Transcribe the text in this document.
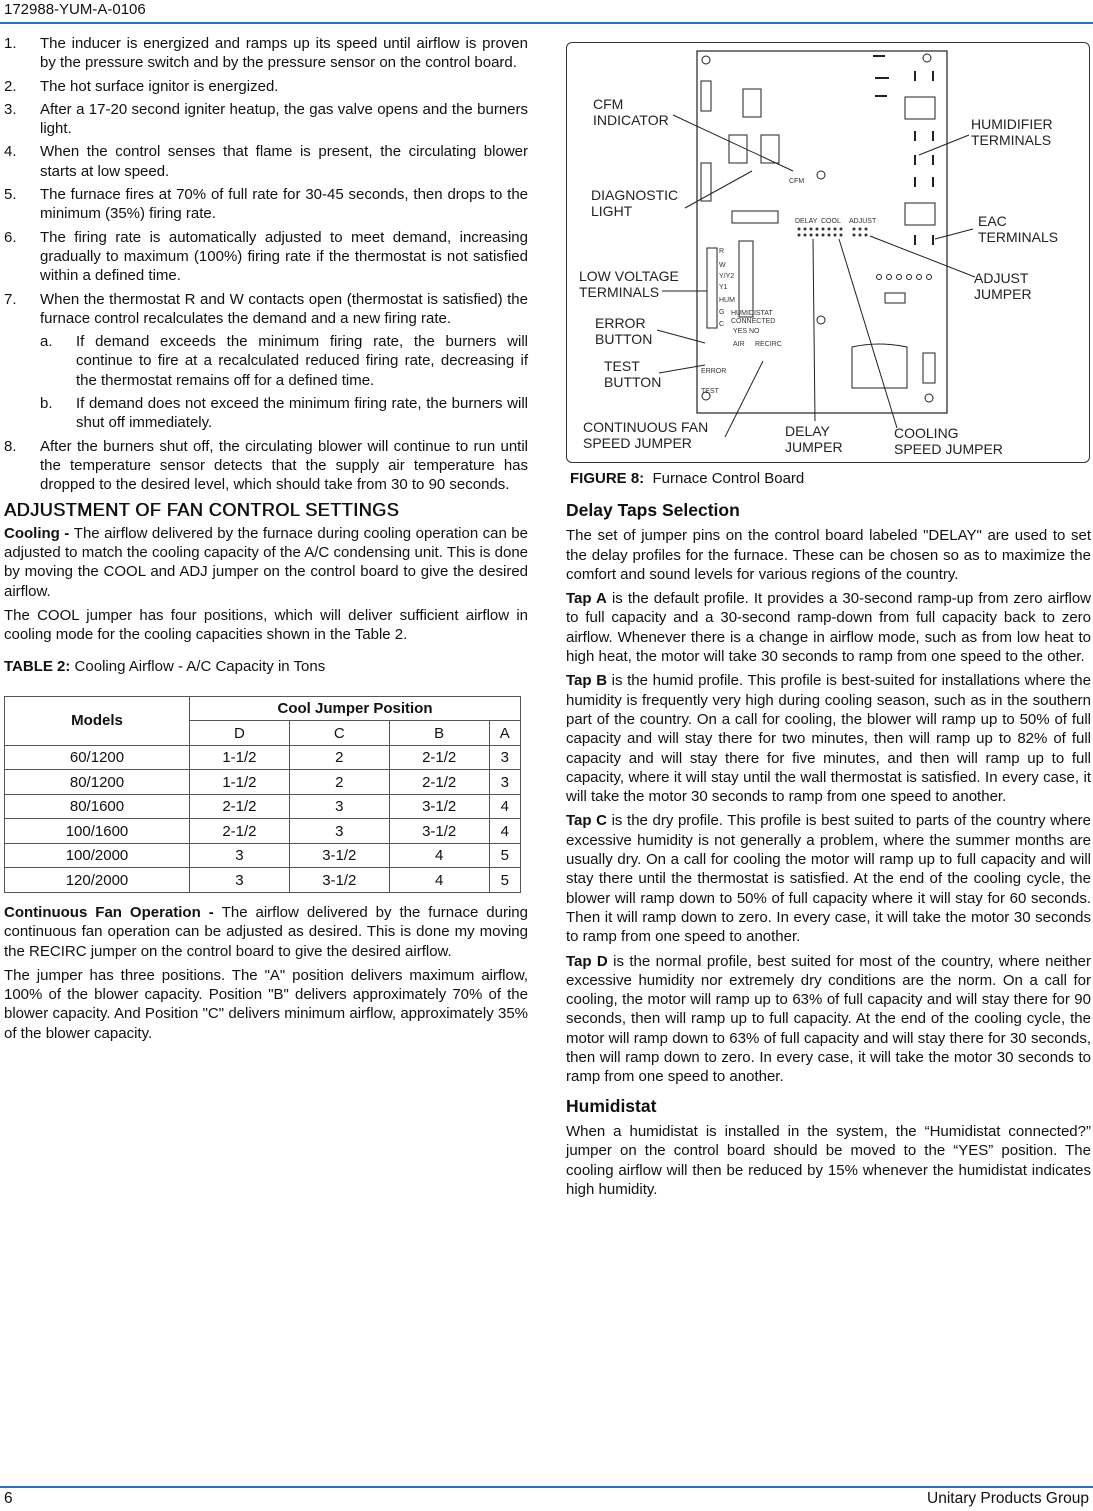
172988-YUM-A-0106
1. The inducer is energized and ramps up its speed until airflow is proven by the pressure switch and by the pressure sensor on the control board.
2. The hot surface ignitor is energized.
3. After a 17-20 second igniter heatup, the gas valve opens and the burners light.
4. When the control senses that flame is present, the circulating blower starts at low speed.
5. The furnace fires at 70% of full rate for 30-45 seconds, then drops to the minimum (35%) firing rate.
6. The firing rate is automatically adjusted to meet demand, increasing gradually to maximum (100%) firing rate if the thermostat is not satisfied within a defined time.
7. When the thermostat R and W contacts open (thermostat is satisfied) the furnace control recalculates the demand and a new firing rate.
a. If demand exceeds the minimum firing rate, the burners will continue to fire at a recalculated reduced firing rate, decreasing if the thermostat remains off for a defined time.
b. If demand does not exceed the minimum firing rate, the burners will shut off immediately.
8. After the burners shut off, the circulating blower will continue to run until the temperature sensor detects that the supply air temperature has dropped to the desired level, which should take from 30 to 90 seconds.
ADJUSTMENT OF FAN CONTROL SETTINGS

Cooling - The airflow delivered by the furnace during cooling operation can be adjusted to match the cooling capacity of the A/C condensing unit. This is done by moving the COOL and ADJ jumper on the control board to give the desired airflow.

The COOL jumper has four positions, which will deliver sufficient airflow in cooling mode for the cooling capacities shown in the Table 2.

TABLE 2: Cooling Airflow - A/C Capacity in Tons
Models	Cool Jumper Position			
	D	C	B	A
60/1200	1-1/2	2	2-1/2	3
80/1200	1-1/2	2	2-1/2	3
80/1600	2-1/2	3	3-1/2	4
100/1600	2-1/2	3	3-1/2	4
100/2000	3	3-1/2	4	5
120/2000	3	3-1/2	4	5

Continuous Fan Operation - The airflow delivered by the furnace during continuous fan operation can be adjusted as desired. This is done my moving the RECIRC jumper on the control board to give the desired airflow.

The jumper has three positions. The "A" position delivers maximum airflow, 100% of the blower capacity. Position "B" delivers approximately 70% of the blower capacity. And Position "C" delivers minimum airflow, approximately 35% of the blower capacity.

CFM
DELAY COOL ADJUST
R
W
Y/Y2
Y1
HUM
G
C
HUMIDISTAT
CONNECTED
YES NO
AIR RECIRC
ERROR
TEST
CFM
INDICATOR
DIAGNOSTIC
LIGHT
LOW VOLTAGE
TERMINALS
ERROR
BUTTON
TEST
BUTTON
CONTINUOUS FAN
SPEED JUMPER
DELAY
JUMPER
COOLING
SPEED JUMPER
HUMIDIFIER
TERMINALS
EAC
TERMINALS
ADJUST
JUMPER
FIGURE 8:  Furnace Control Board
Delay Taps Selection

The set of jumper pins on the control board labeled "DELAY" are used to set the delay profiles for the furnace. These can be chosen so as to maximize the comfort and sound levels for various regions of the country.

Tap A is the default profile. It provides a 30-second ramp-up from zero airflow to full capacity and a 30-second ramp-down from full capacity back to zero airflow. Whenever there is a change in airflow mode, such as from low heat to high heat, the motor will take 30 seconds to ramp from one speed to the other.

Tap B is the humid profile. This profile is best-suited for installations where the humidity is frequently very high during cooling season, such as in the southern part of the country. On a call for cooling, the blower will ramp up to 50% of full capacity and will stay there for two minutes, then will ramp up to 82% of full capacity and will stay there for five minutes, and then will ramp up to full capacity, where it will stay until the wall thermostat is satisfied. In every case, it will take the motor 30 seconds to ramp from one speed to another.

Tap C is the dry profile. This profile is best suited to parts of the country where excessive humidity is not generally a problem, where the summer months are usually dry. On a call for cooling the motor will ramp up to full capacity and will stay there until the thermostat is satisfied. At the end of the cooling cycle, the blower will ramp down to 50% of full capacity where it will stay for 60 seconds. Then it will ramp down to zero. In every case, it will take the motor 30 seconds to ramp from one speed to another.

Tap D is the normal profile, best suited for most of the country, where neither excessive humidity nor extremely dry conditions are the norm. On a call for cooling, the motor will ramp up to 63% of full capacity and will stay there for 90 seconds, then will ramp up to full capacity. At the end of the cooling cycle, the motor will ramp down to 63% of full capacity and will stay there for 30 seconds, then will ramp down to zero. In every case, it will take the motor 30 seconds to ramp from one speed to another.

Humidistat

When a humidistat is installed in the system, the “Humidistat connected?” jumper on the control board should be moved to the “YES” position. The cooling airflow will then be reduced by 15% whenever the humidistat indicates high humidity.

6	Unitary Products Group
